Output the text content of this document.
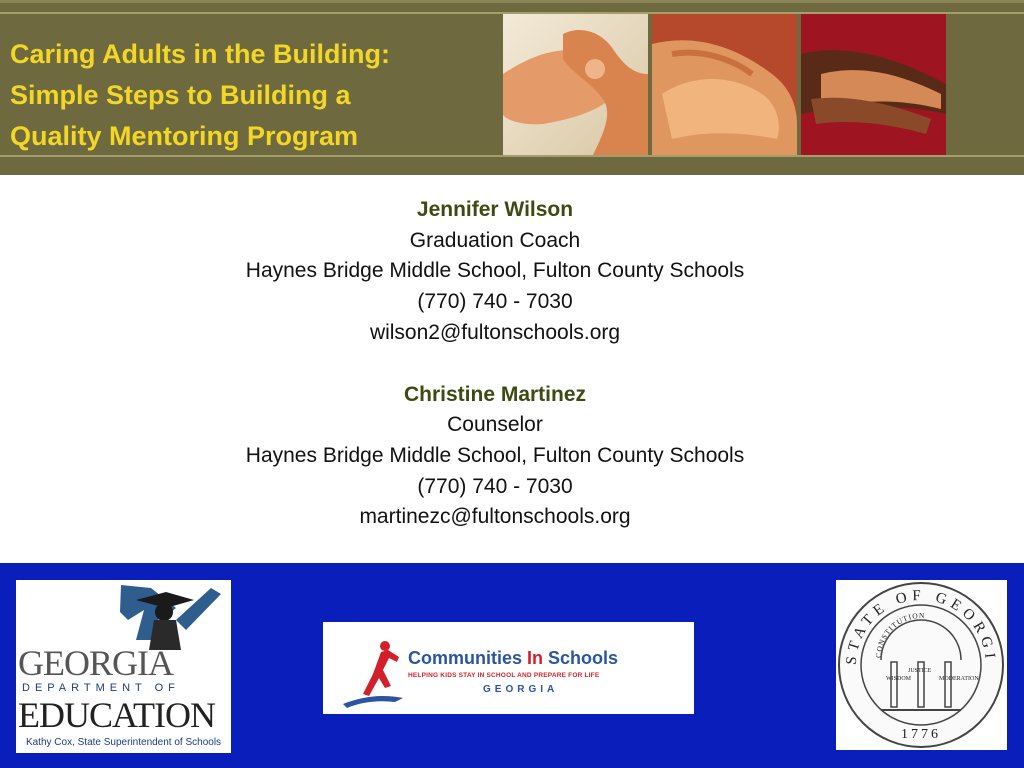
Caring Adults in the Building:
Simple Steps to Building a
Quality Mentoring Program
Jennifer Wilson
Graduation Coach
Haynes Bridge Middle School, Fulton County Schools
(770) 740 - 7030
wilson2@fultonschools.org
Christine Martinez
Counselor
Haynes Bridge Middle School, Fulton County Schools
(770) 740 - 7030
martinezc@fultonschools.org
GEORGIA
DEPARTMENT OF
EDUCATION
Kathy Cox, State Superintendent of Schools
Communities In Schools
HELPING KIDS STAY IN SCHOOL AND PREPARE FOR LIFE
GEORGIA
STATE OF GEORGI
CONSTITUTION
WISDOM
JUSTICE
MODERATION
1776
